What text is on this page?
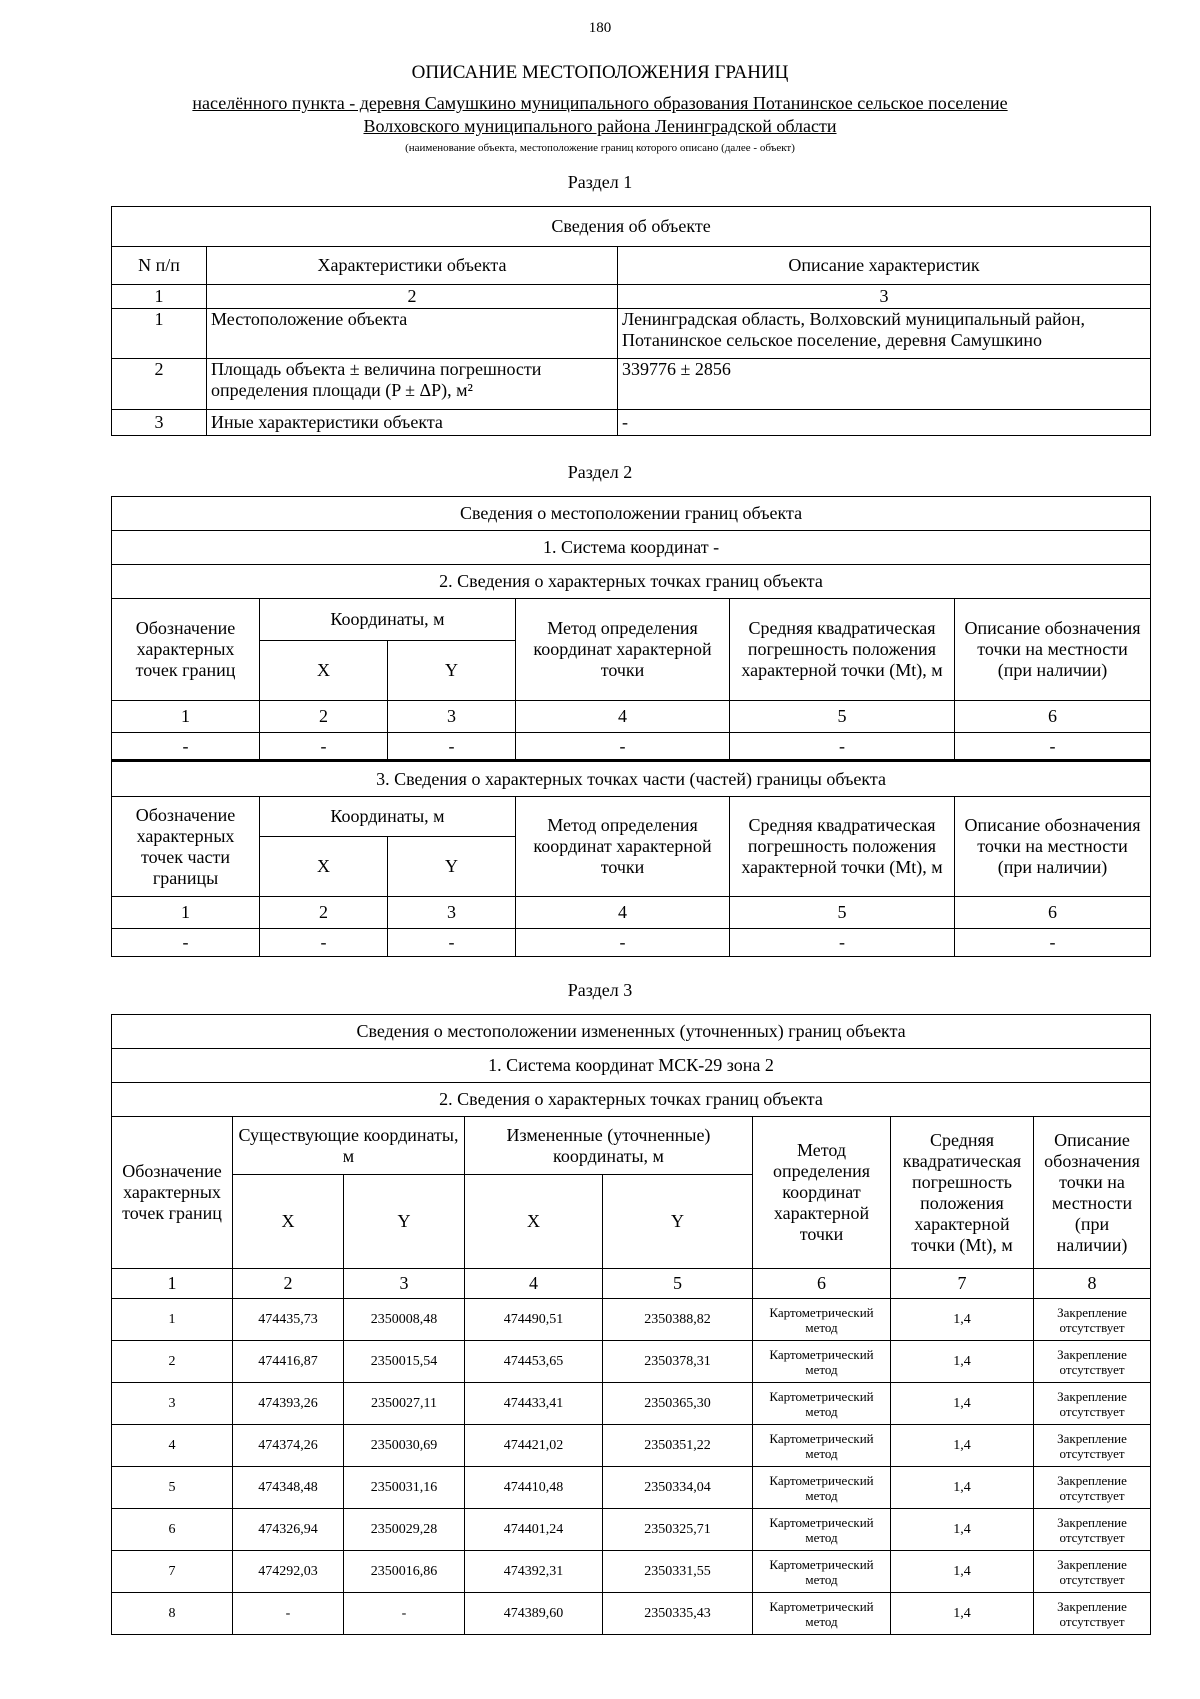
180
ОПИСАНИЕ МЕСТОПОЛОЖЕНИЯ ГРАНИЦ
населённого пункта - деревня Самушкино муниципального образования Потанинское сельское поселение
Волховского муниципального района Ленинградской области
(наименование объекта, местоположение границ которого описано (далее - объект)
Раздел 1
Сведения об объекте		
N п/п	Характеристики объекта	Описание характеристик
1	2	3
1	Местоположение объекта	Ленинградская область, Волховский муниципальный район, Потанинское сельское поселение, деревня Самушкино
2	Площадь объекта ± величина погрешности определения площади (P ± ΔP), м²	339776 ± 2856
3	Иные характеристики объекта	-
Раздел 2
Сведения о местоположении границ объекта					
1. Система координат -					
2. Сведения о характерных точках границ объекта					
Обозначение характерных точек границ	Координаты, м		Метод определения координат характерной точки	Средняя квадратическая погрешность положения характерной точки (Mt), м	Описание обозначения точки на местности (при наличии)
	X	Y			
1	2	3	4	5	6
-	-	-	-	-	-
3. Сведения о характерных точках части (частей) границы объекта					
Обозначение характерных точек части границы	Координаты, м		Метод определения координат характерной точки	Средняя квадратическая погрешность положения характерной точки (Mt), м	Описание обозначения точки на местности (при наличии)
	X	Y			
1	2	3	4	5	6
-	-	-	-	-	-
Раздел 3
Сведения о местоположении измененных (уточненных) границ объекта							
1. Система координат МСК-29 зона 2							
2. Сведения о характерных точках границ объекта							
Обозначение характерных точек границ	Существующие координаты, м		Измененные (уточненные) координаты, м		Метод определения координат характерной точки	Средняя квадратическая погрешность положения характерной точки (Mt), м	Описание обозначения точки на местности (при наличии)
	X	Y	X	Y			
1	2	3	4	5	6	7	8
1	474435,73	2350008,48	474490,51	2350388,82	Картометрический метод	1,4	Закрепление отсутствует
2	474416,87	2350015,54	474453,65	2350378,31	Картометрический метод	1,4	Закрепление отсутствует
3	474393,26	2350027,11	474433,41	2350365,30	Картометрический метод	1,4	Закрепление отсутствует
4	474374,26	2350030,69	474421,02	2350351,22	Картометрический метод	1,4	Закрепление отсутствует
5	474348,48	2350031,16	474410,48	2350334,04	Картометрический метод	1,4	Закрепление отсутствует
6	474326,94	2350029,28	474401,24	2350325,71	Картометрический метод	1,4	Закрепление отсутствует
7	474292,03	2350016,86	474392,31	2350331,55	Картометрический метод	1,4	Закрепление отсутствует
8	-	-	474389,60	2350335,43	Картометрический метод	1,4	Закрепление отсутствует
